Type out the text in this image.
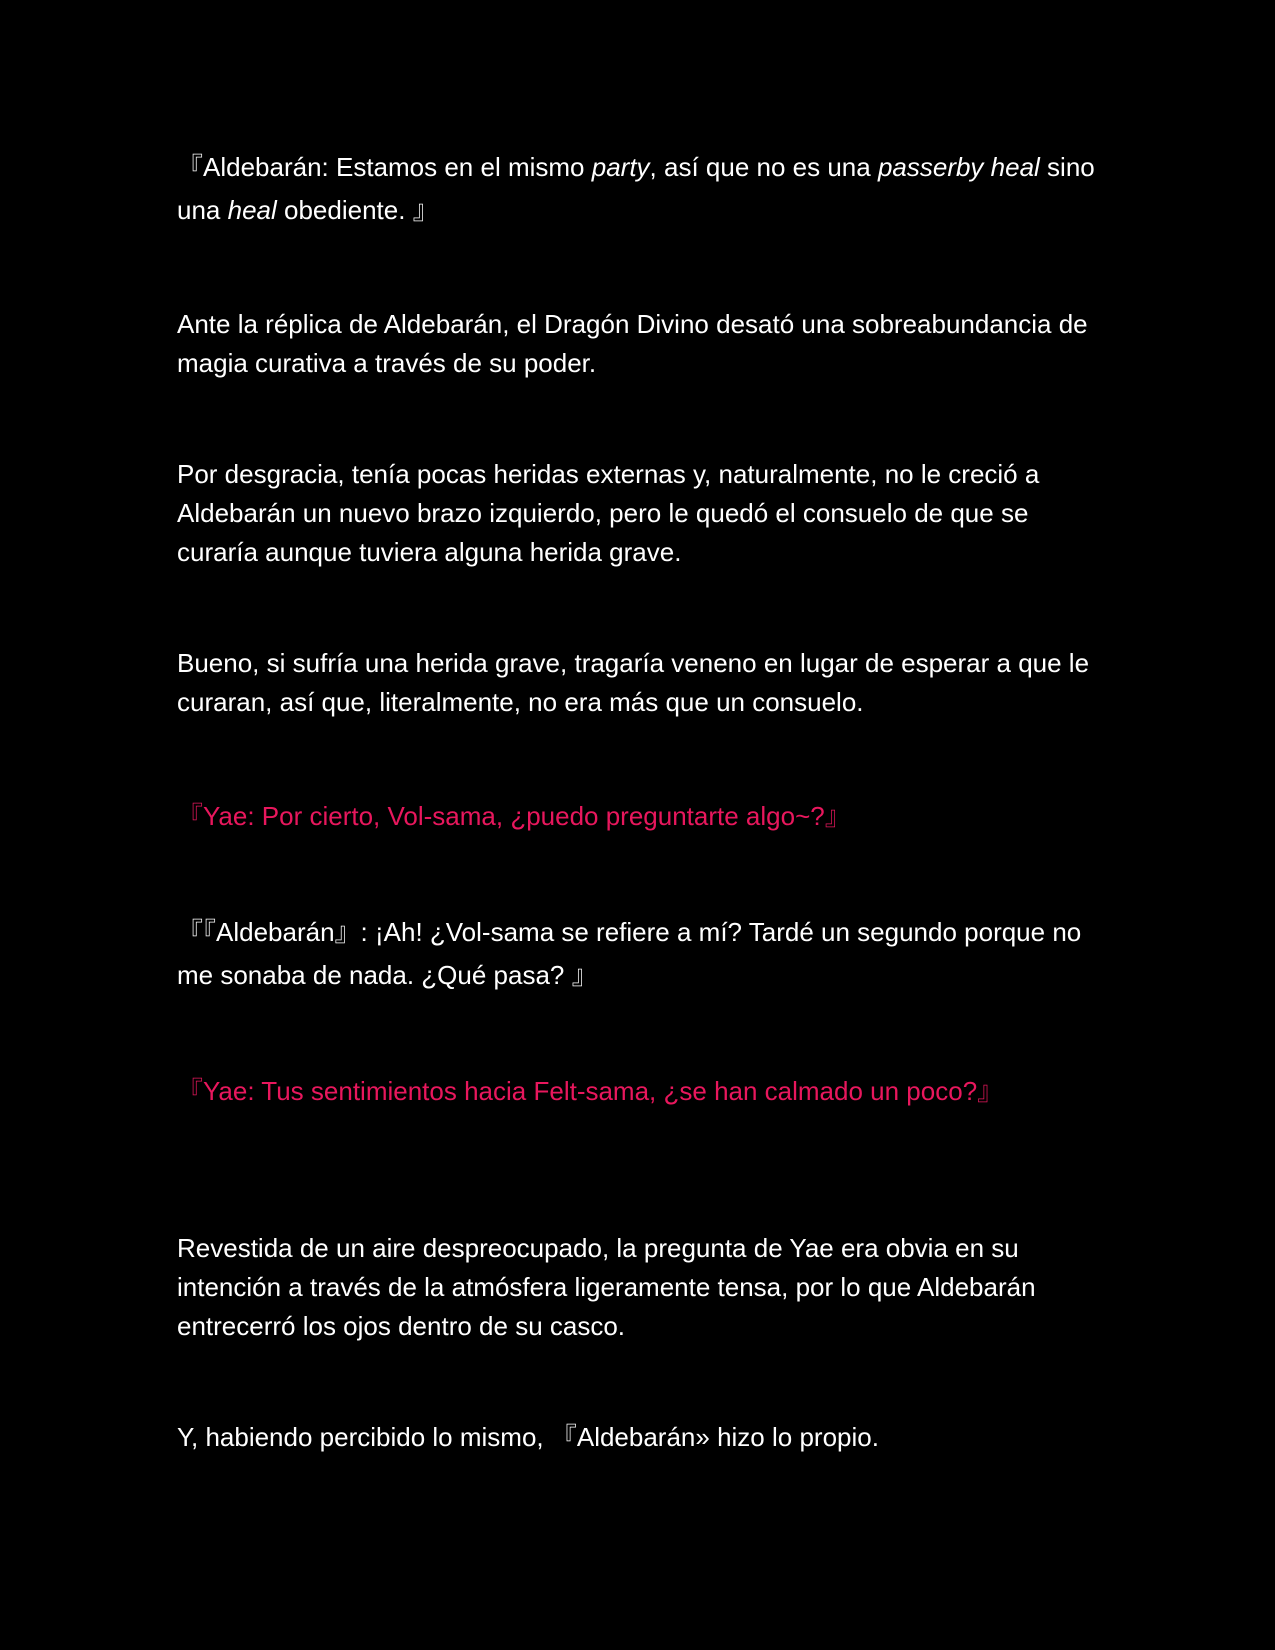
『Aldebarán: Estamos en el mismo party, así que no es una passerby heal sino una heal obediente. 』

Ante la réplica de Aldebarán, el Dragón Divino desató una sobreabundancia de magia curativa a través de su poder.

Por desgracia, tenía pocas heridas externas y, naturalmente, no le creció a Aldebarán un nuevo brazo izquierdo, pero le quedó el consuelo de que se curaría aunque tuviera alguna herida grave.

Bueno, si sufría una herida grave, tragaría veneno en lugar de esperar a que le curaran, así que, literalmente, no era más que un consuelo.

『Yae: Por cierto, Vol-sama, ¿puedo preguntarte algo~?』

『『Aldebarán』: ¡Ah! ¿Vol-sama se refiere a mí? Tardé un segundo porque no me sonaba de nada. ¿Qué pasa? 』

『Yae: Tus sentimientos hacia Felt-sama, ¿se han calmado un poco?』

Revestida de un aire despreocupado, la pregunta de Yae era obvia en su intención a través de la atmósfera ligeramente tensa, por lo que Aldebarán entrecerró los ojos dentro de su casco.

Y, habiendo percibido lo mismo, 『Aldebarán» hizo lo propio.
